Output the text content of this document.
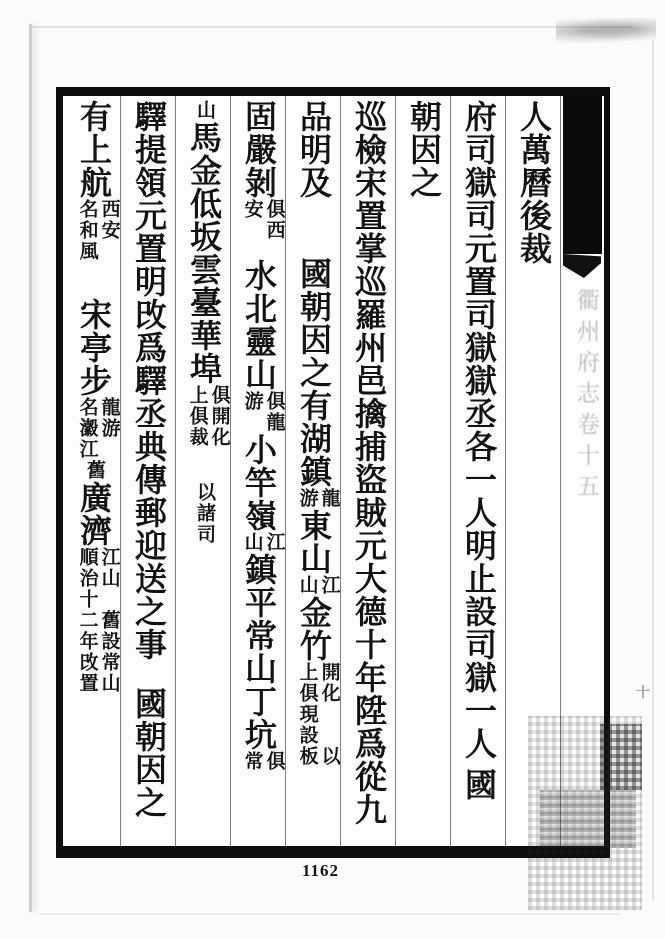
衢州府志卷十五
人萬曆後裁
府司獄司元置司獄獄丞各一人明止設司獄一人國
朝因之
巡檢宋置掌巡羅州邑擒捕盜賊元大德十年陞爲從九
品明及國朝因之有湖鎮
龍
游
東山
江
山
金竹
開化　　以
上俱現設板
固嚴剝
俱西
安
水北靈山
俱龍
游
小竿嶺
江
山
鎮平常山丁坑
俱
常
山馬金低坂雲臺華埠
俱開化
上俱裁
以諸司
驛提領元置明攺爲驛丞典傳郵迎送之事國朝因之
有上航
西安
名和風
宋亭步
龍游
名瀫江
舊廣濟
江山　舊設常山
順治十二年攺置
1162
十
